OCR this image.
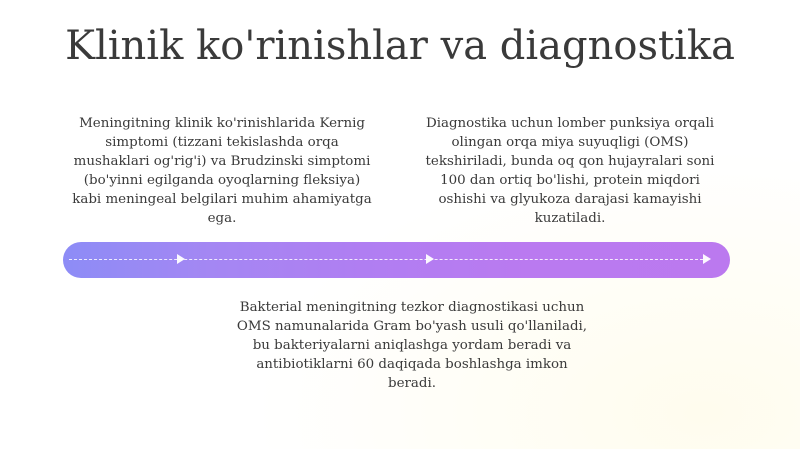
Klinik ko'rinishlar va diagnostika
Meningitning klinik ko'rinishlarida Kernig simptomi (tizzani tekislashda orqa mushaklari og'rig'i) va Brudzinski simptomi (bo'yinni egilganda oyoqlarning fleksiya) kabi meningeal belgilari muhim ahamiyatga ega.
Diagnostika uchun lomber punksiya orqali olingan orqa miya suyuqligi (OMS) tekshiriladi, bunda oq qon hujayralari soni 100 dan ortiq bo'lishi, protein miqdori oshishi va glyukoza darajasi kamayishi kuzatiladi.
Bakterial meningitning tezkor diagnostikasi uchun OMS namunalarida Gram bo'yash usuli qo'llaniladi, bu bakteriyalarni aniqlashga yordam beradi va antibiotiklarni 60 daqiqada boshlashga imkon beradi.
